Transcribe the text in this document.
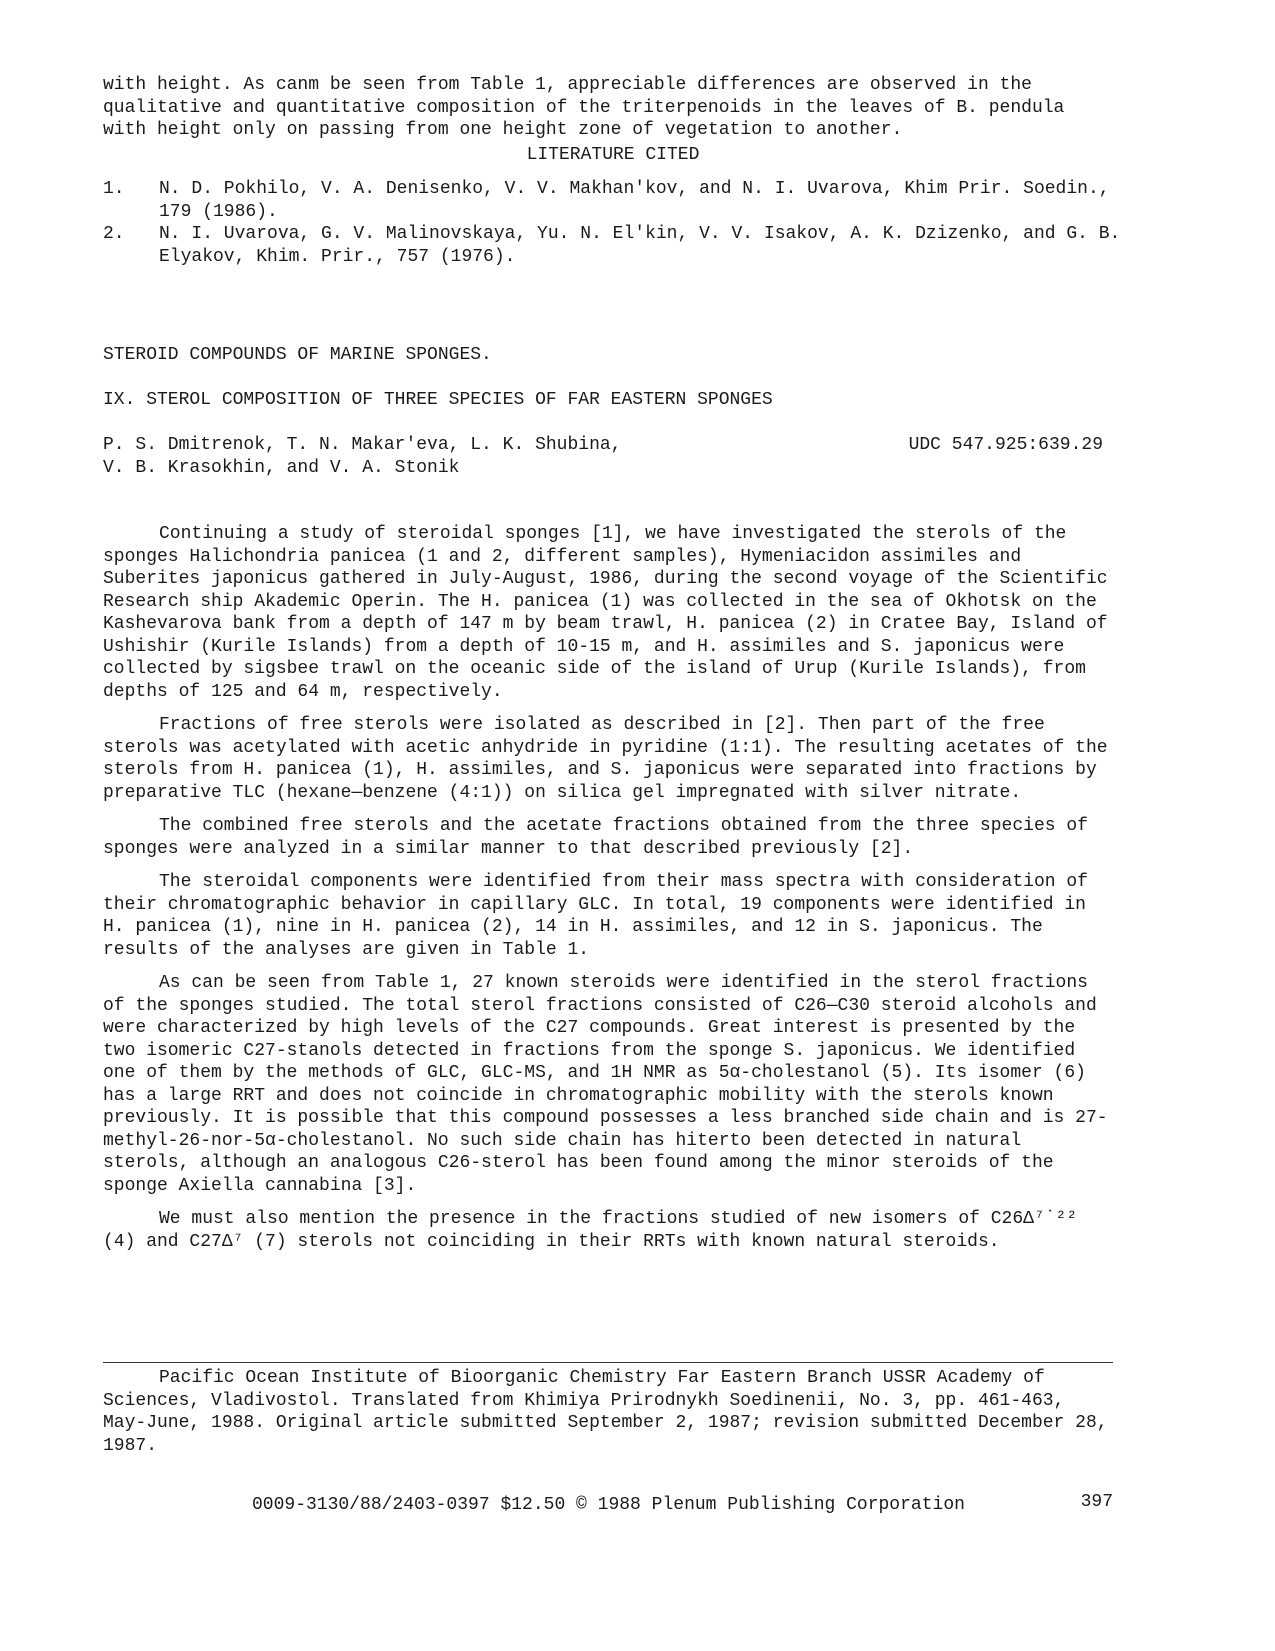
with height. As canm be seen from Table 1, appreciable differences are observed in the

qualitative and quantitative composition of the triterpenoids in the leaves of B. pendula

with height only on passing from one height zone of vegetation to another.

LITERATURE CITED

1.	N. D. Pokhilo, V. A. Denisenko, V. V. Makhan'kov, and N. I. Uvarova, Khim Prir. Soedin., 179 (1986).
2.	N. I. Uvarova, G. V. Malinovskaya, Yu. N. El'kin, V. V. Isakov, A. K. Dzizenko, and G. B. Elyakov, Khim. Prir., 757 (1976).

STEROID COMPOUNDS OF MARINE SPONGES.

IX. STEROL COMPOSITION OF THREE SPECIES OF FAR EASTERN SPONGES

P. S. Dmitrenok, T. N. Makar'eva, L. K. Shubina,

V. B. Krasokhin, and V. A. Stonik

UDC 547.925:639.29

Continuing a study of steroidal sponges [1], we have investigated the sterols of the sponges Halichondria panicea (1 and 2, different samples), Hymeniacidon assimiles and Suberites japonicus gathered in July-August, 1986, during the second voyage of the Scientific Research ship Akademic Operin. The H. panicea (1) was collected in the sea of Okhotsk on the Kashevarova bank from a depth of 147 m by beam trawl, H. panicea (2) in Cratee Bay, Island of Ushishir (Kurile Islands) from a depth of 10-15 m, and H. assimiles and S. japonicus were collected by sigsbee trawl on the oceanic side of the island of Urup (Kurile Islands), from depths of 125 and 64 m, respectively.

Fractions of free sterols were isolated as described in [2]. Then part of the free sterols was acetylated with acetic anhydride in pyridine (1:1). The resulting acetates of the sterols from H. panicea (1), H. assimiles, and S. japonicus were separated into fractions by preparative TLC (hexane—benzene (4:1)) on silica gel impregnated with silver nitrate.

The combined free sterols and the acetate fractions obtained from the three species of sponges were analyzed in a similar manner to that described previously [2].

The steroidal components were identified from their mass spectra with consideration of their chromatographic behavior in capillary GLC. In total, 19 components were identified in H. panicea (1), nine in H. panicea (2), 14 in H. assimiles, and 12 in S. japonicus. The results of the analyses are given in Table 1.

As can be seen from Table 1, 27 known steroids were identified in the sterol fractions of the sponges studied. The total sterol fractions consisted of C26—C30 steroid alcohols and were characterized by high levels of the C27 compounds. Great interest is presented by the two isomeric C27-stanols detected in fractions from the sponge S. japonicus. We identified one of them by the methods of GLC, GLC-MS, and 1H NMR as 5α-cholestanol (5). Its isomer (6) has a large RRT and does not coincide in chromatographic mobility with the sterols known previously. It is possible that this compound possesses a less branched side chain and is 27-methyl-26-nor-5α-cholestanol. No such side chain has hiterto been detected in natural sterols, although an analogous C26-sterol has been found among the minor steroids of the sponge Axiella cannabina [3].

We must also mention the presence in the fractions studied of new isomers of C26Δ⁷˙²² (4) and C27Δ⁷ (7) sterols not coinciding in their RRTs with known natural steroids.

Pacific Ocean Institute of Bioorganic Chemistry Far Eastern Branch USSR Academy of Sciences, Vladivostol. Translated from Khimiya Prirodnykh Soedinenii, No. 3, pp. 461-463, May-June, 1988. Original article submitted September 2, 1987; revision submitted December 28, 1987.

0009-3130/88/2403-0397 $12.50 © 1988 Plenum Publishing Corporation	397
